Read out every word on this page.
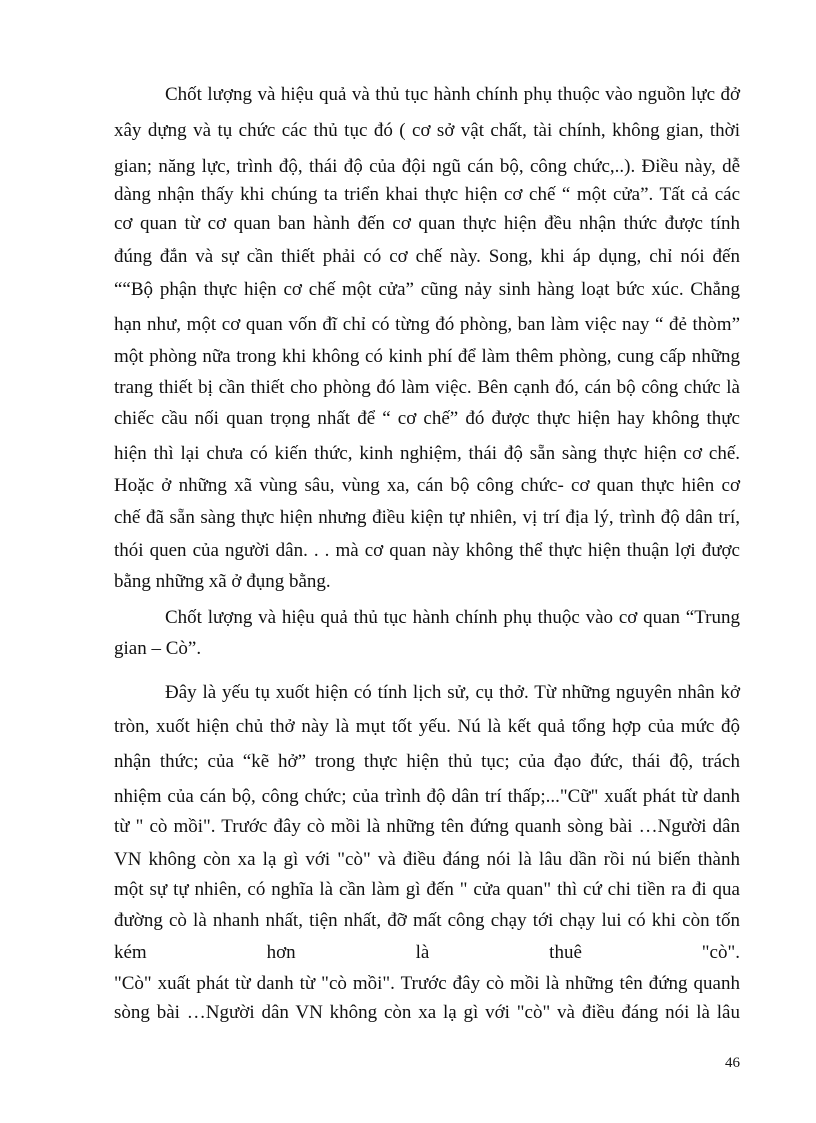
Chốt lượng và hiệu quả và thủ tục hành chính phụ thuộc vào nguồn lực đở
xây dựng và tụ chức các thủ tục đó ( cơ sở vật chất, tài chính, không gian, thời
gian; năng lực, trình độ, thái độ của đội ngũ cán bộ, công chức,..). Điều này, dễ
dàng nhận thấy khi chúng ta triển khai thực hiện cơ chế “ một cửa”. Tất cả các
cơ quan từ cơ quan ban hành đến cơ quan thực hiện đều nhận thức được tính
đúng đắn và sự cần thiết phải có cơ chế này. Song, khi áp dụng, chỉ nói đến
““Bộ phận thực hiện cơ chế một cửa” cũng nảy sinh hàng loạt bức xúc. Chẳng
hạn như, một cơ quan vốn đĩ chỉ có từng đó phòng, ban làm việc nay “ đẻ thòm”
một phòng nữa trong khi không có kinh phí để làm thêm phòng, cung cấp những
trang thiết bị cần thiết cho phòng đó làm việc. Bên cạnh đó, cán bộ công chức là
chiếc cầu nối quan trọng nhất để “ cơ chế” đó được thực hiện hay không thực
hiện thì lại chưa có kiến thức, kinh nghiệm, thái độ sẵn sàng thực hiện cơ chế.
Hoặc ở những xã vùng sâu, vùng xa, cán bộ công chức- cơ quan thực hiên cơ
chế đã sẵn sàng thực hiện nhưng điều kiện tự nhiên, vị trí địa lý, trình độ dân trí,
thói quen của người dân. . . mà cơ quan này không thể thực hiện thuận lợi được
bằng những xã ở đụng bằng.
Chốt lượng và hiệu quả thủ tục hành chính phụ thuộc vào cơ quan “Trung
gian – Cò”.
Đây là yếu tụ xuốt hiện có tính lịch sử, cụ thở. Từ những nguyên nhân kở
tròn, xuốt hiện chủ thở này là mụt tốt yếu. Nú là kết quả tổng hợp của mức độ
nhận thức; của “kẽ hở” trong thực hiện thủ tục; của đạo đức, thái độ, trách
nhiệm của cán bộ, công chức; của trình độ dân trí thấp;..."Cữ" xuất phát từ danh
từ " cò mồi". Trước đây cò mồi là những tên đứng quanh sòng bài …Người dân
VN không còn xa lạ gì với "cò" và điều đáng nói là lâu dần rồi nú biến thành
một sự tự nhiên, có nghĩa là cần làm gì đến " cửa quan" thì cứ chi tiền ra đi qua
đường cò là nhanh nhất, tiện nhất, đỡ mất công chạy tới chạy lui có khi còn tốn
kém hơn là thuê "cò".
"Cò" xuất phát từ danh từ "cò mồi". Trước đây cò mồi là những tên đứng quanh
sòng bài …Người dân VN không còn xa lạ gì với "cò" và điều đáng nói là lâu
46
